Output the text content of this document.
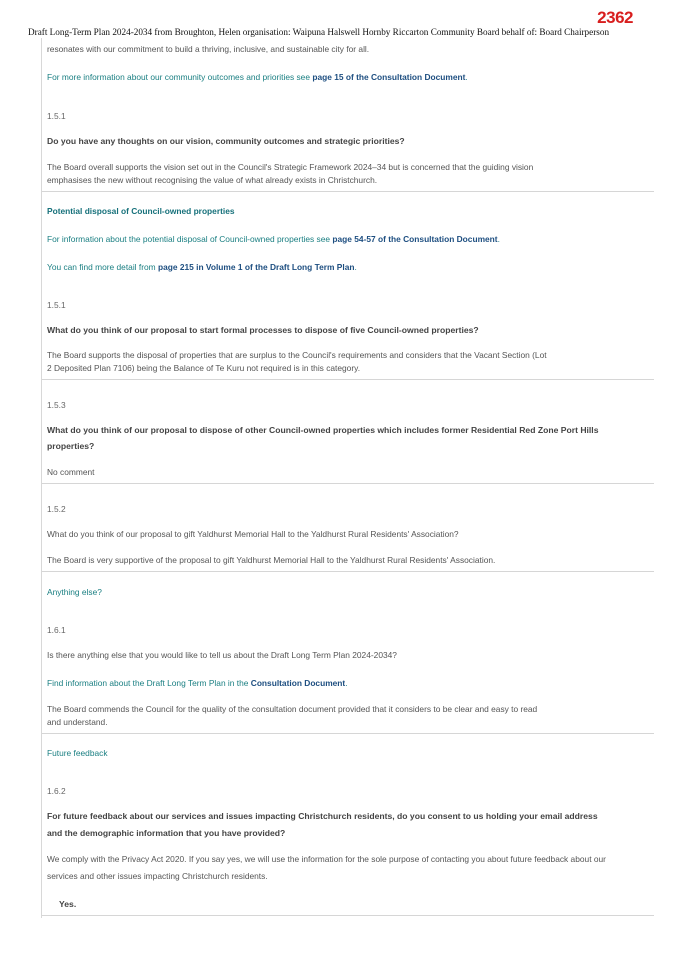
2362
Draft Long-Term Plan 2024-2034 from Broughton, Helen organisation: Waipuna Halswell Hornby Riccarton Community Board behalf of: Board Chairperson
resonates with our commitment to build a thriving, inclusive, and sustainable city for all.
For more information about our community outcomes and priorities see page 15 of the Consultation Document.
1.5.1
Do you have any thoughts on our vision, community outcomes and strategic priorities?
The Board overall supports the vision set out in the Council's Strategic Framework 2024–34 but is concerned that the guiding vision
emphasises the new without recognising the value of what already exists in Christchurch.
Potential disposal of Council-owned properties
For information about the potential disposal of Council-owned properties see page 54-57 of the Consultation Document.
You can find more detail from page 215 in Volume 1 of the Draft Long Term Plan.
1.5.1
What do you think of our proposal to start formal processes to dispose of five Council-owned properties?
The Board supports the disposal of properties that are surplus to the Council's requirements and considers that the Vacant Section (Lot
2 Deposited Plan 7106) being the Balance of Te Kuru not required is in this category.
1.5.3
What do you think of our proposal to dispose of other Council-owned properties which includes former Residential Red Zone Port Hills
properties?
No comment
1.5.2
What do you think of our proposal to gift Yaldhurst Memorial Hall to the Yaldhurst Rural Residents' Association?
The Board is very supportive of the proposal to gift Yaldhurst Memorial Hall to the Yaldhurst Rural Residents' Association.
Anything else?
1.6.1
Is there anything else that you would like to tell us about the Draft Long Term Plan 2024-2034?
Find information about the Draft Long Term Plan in the Consultation Document.
The Board commends the Council for the quality of the consultation document provided that it considers to be clear and easy to read
and understand.
Future feedback
1.6.2
For future feedback about our services and issues impacting Christchurch residents, do you consent to us holding your email address
and the demographic information that you have provided?
We comply with the Privacy Act 2020. If you say yes, we will use the information for the sole purpose of contacting you about future feedback about our
services and other issues impacting Christchurch residents.
Yes.
